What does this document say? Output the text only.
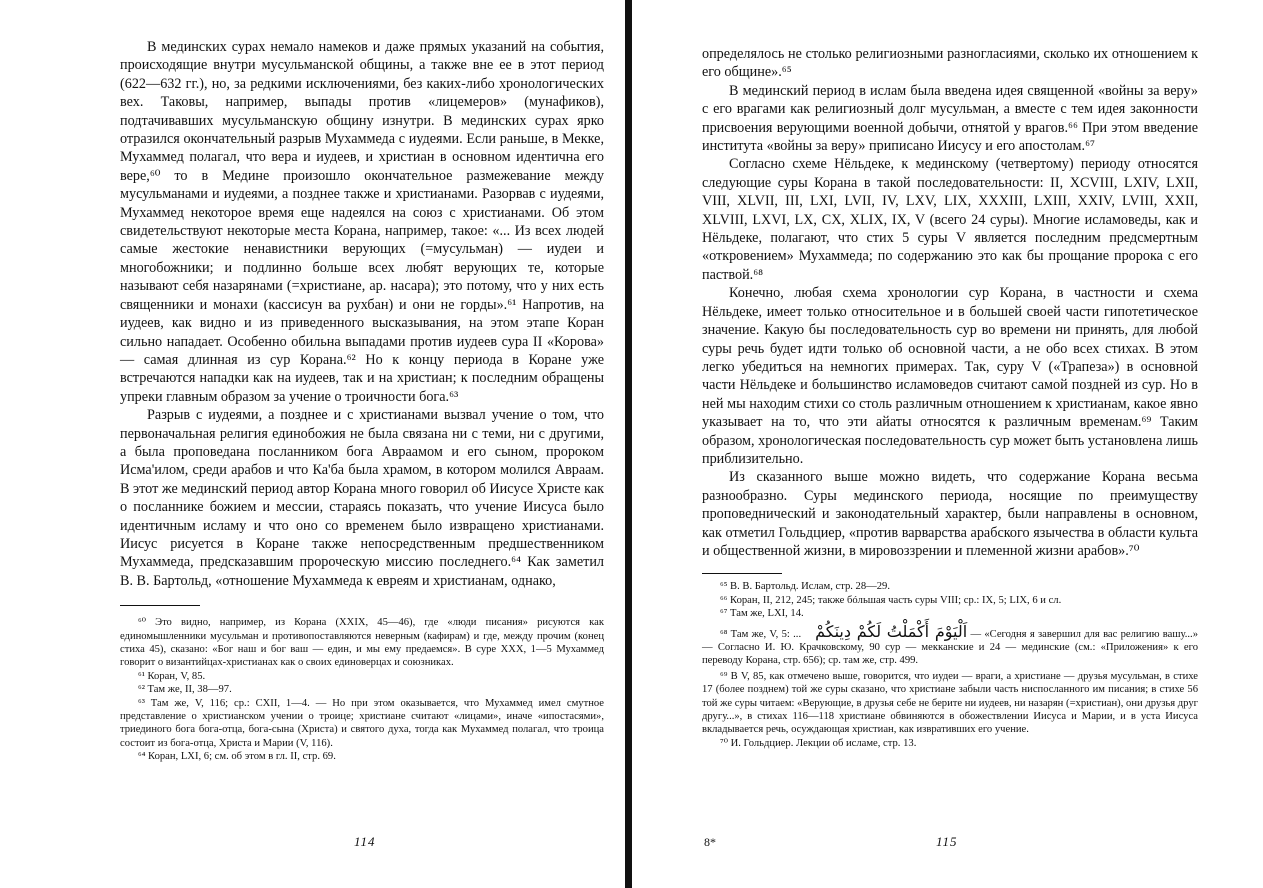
В мединских сурах немало намеков и даже прямых указаний на события, происходящие внутри мусульманской общины, а также вне ее в этот период (622—632 гг.), но, за редкими исключениями, без каких-либо хронологических вех. Таковы, например, выпады против «лицемеров» (мунафиков), подтачивавших мусульманскую общину изнутри. В мединских сурах ярко отразился окончательный разрыв Мухаммеда с иудеями. Если раньше, в Мекке, Мухаммед полагал, что вера и иудеев, и христиан в основном идентична его вере,⁶⁰ то в Медине произошло окончательное размежевание между мусульманами и иудеями, а позднее также и христианами. Разорвав с иудеями, Мухаммед некоторое время еще надеялся на союз с христианами. Об этом свидетельствуют некоторые места Корана, например, такое: «... Из всех людей самые жестокие ненавистники верующих (=мусульман) — иудеи и многобожники; и подлинно больше всех любят верующих те, которые называют себя назарянами (=христиане, ар. насара); это потому, что у них есть священники и монахи (кассисун ва рухбан) и они не горды».⁶¹ Напротив, на иудеев, как видно и из приведенного высказывания, на этом этапе Коран сильно нападает. Особенно обильна выпадами против иудеев сура II «Корова» — самая длинная из сур Корана.⁶² Но к концу периода в Коране уже встречаются нападки как на иудеев, так и на христиан; к последним обращены упреки главным образом за учение о троичности бога.⁶³

Разрыв с иудеями, а позднее и с христианами вызвал учение о том, что первоначальная религия единобожия не была связана ни с теми, ни с другими, а была проповедана посланником бога Авраамом и его сыном, пророком Исма'илом, среди арабов и что Ка'ба была храмом, в котором молился Авраам. В этот же мединский период автор Корана много говорил об Иисусе Христе как о посланнике божием и мессии, стараясь показать, что учение Иисуса было идентичным исламу и что оно со временем было извращено христианами. Иисус рисуется в Коране также непосредственным предшественником Мухаммеда, предсказавшим пророческую миссию последнего.⁶⁴ Как заметил В. В. Бартольд, «отношение Мухаммеда к евреям и христианам, однако,

⁶⁰ Это видно, например, из Корана (XXIX, 45—46), где «люди писания» рисуются как единомышленники мусульман и противопоставляются неверным (кафирам) и где, между прочим (конец стиха 45), сказано: «Бог наш и бог ваш — един, и мы ему предаемся». В суре XXX, 1—5 Мухаммед говорит о византийцах-христианах как о своих единоверцах и союзниках.

⁶¹ Коран, V, 85.

⁶² Там же, II, 38—97.

⁶³ Там же, V, 116; ср.: CXII, 1—4. — Но при этом оказывается, что Мухаммед имел смутное представление о христианском учении о троице; христиане считают «лицами», иначе «ипостасями», триединого бога бога-отца, бога-сына (Христа) и святого духа, тогда как Мухаммед полагал, что троица состоит из бога-отца, Христа и Марии (V, 116).

⁶⁴ Коран, LXI, 6; см. об этом в гл. II, стр. 69.

114

определялось не столько религиозными разногласиями, сколько их отношением к его общине».⁶⁵

В мединский период в ислам была введена идея священной «войны за веру» с его врагами как религиозный долг мусульман, а вместе с тем идея законности присвоения верующими военной добычи, отнятой у врагов.⁶⁶ При этом введение института «войны за веру» приписано Иисусу и его апостолам.⁶⁷

Согласно схеме Нёльдеке, к мединскому (четвертому) периоду относятся следующие суры Корана в такой последовательности: II, XCVIII, LXIV, LXII, VIII, XLVII, III, LXI, LVII, IV, LXV, LIX, XXXIII, LXIII, XXIV, LVIII, XXII, XLVIII, LXVI, LX, CX, XLIX, IX, V (всего 24 суры). Многие исламоведы, как и Нёльдеке, полагают, что стих 5 суры V является последним предсмертным «откровением» Мухаммеда; по содержанию это как бы прощание пророка с его паствой.⁶⁸

Конечно, любая схема хронологии сур Корана, в частности и схема Нёльдеке, имеет только относительное и в большей своей части гипотетическое значение. Какую бы последовательность сур во времени ни принять, для любой суры речь будет идти только об основной части, а не обо всех стихах. В этом легко убедиться на немногих примерах. Так, суру V («Трапеза») в основной части Нёльдеке и большинство исламоведов считают самой поздней из сур. Но в ней мы находим стихи со столь различным отношением к христианам, какое явно указывает на то, что эти айаты относятся к различным временам.⁶⁹ Таким образом, хронологическая последовательность сур может быть установлена лишь приблизительно.

Из сказанного выше можно видеть, что содержание Корана весьма разнообразно. Суры мединского периода, носящие по преимуществу проповеднический и законодательный характер, были направлены в основном, как отметил Гольдциер, «против варварства арабского язычества в области культа и общественной жизни, в мировоззрении и племенной жизни арабов».⁷⁰

⁶⁵ В. В. Бартольд. Ислам, стр. 28—29.

⁶⁶ Коран, II, 212, 245; также бóльшая часть суры VIII; ср.: IX, 5; LIX, 6 и сл.

⁶⁷ Там же, LXI, 14.

⁶⁸ Там же, V, 5: ... اَلْيَوْمَ أَكْمَلْتُ لَكُمْ دِينَكُمْ — «Сегодня я завершил для вас религию вашу...» — Согласно И. Ю. Крачковскому, 90 сур — мекканские и 24 — мединские (см.: «Приложения» к его переводу Корана, стр. 656); ср. там же, стр. 499.

⁶⁹ В V, 85, как отмечено выше, говорится, что иудеи — враги, а христиане — друзья мусульман, в стихе 17 (более позднем) той же суры сказано, что христиане забыли часть ниспосланного им писания; в стихе 56 той же суры читаем: «Верующие, в друзья себе не берите ни иудеев, ни назарян (=христиан), они друзья друг другу...», в стихах 116—118 христиане обвиняются в обожествлении Иисуса и Марии, и в уста Иисуса вкладывается речь, осуждающая христиан, как извративших его учение.

⁷⁰ И. Гольдциер. Лекции об исламе, стр. 13.

8*	115
